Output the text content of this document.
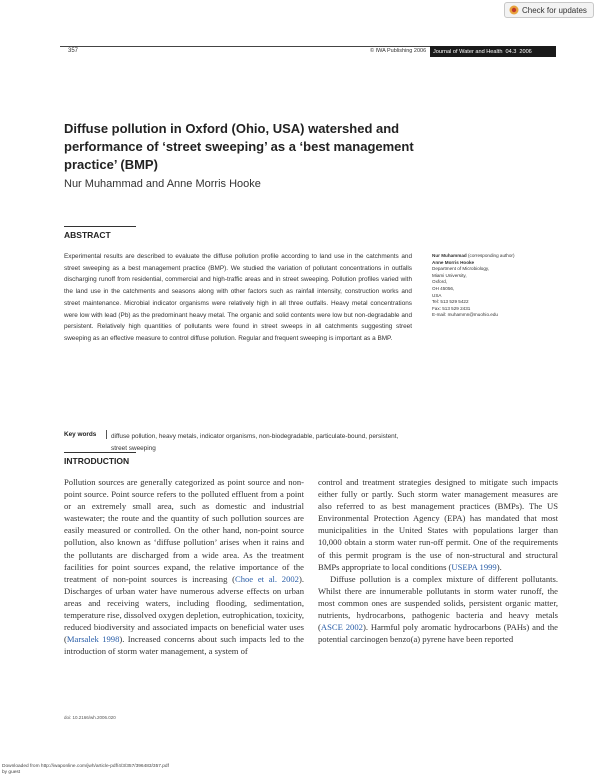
Check for updates
357	© IWA Publishing 2006 Journal of Water and Health 04.3 2006
Diffuse pollution in Oxford (Ohio, USA) watershed and performance of ‘street sweeping’ as a ‘best management practice’ (BMP)
Nur Muhammad and Anne Morris Hooke
ABSTRACT
Experimental results are described to evaluate the diffuse pollution profile according to land use in the catchments and street sweeping as a best management practice (BMP). We studied the variation of pollutant concentrations in outfalls discharging runoff from residential, commercial and high-traffic areas and in street sweeping. Pollution profiles varied with the land use in the catchments and seasons along with other factors such as rainfall intensity, construction works and street maintenance. Microbial indicator organisms were relatively high in all three outfalls. Heavy metal concentrations were low with lead (Pb) as the predominant heavy metal. The organic and solid contents were low but non-degradable and persistent. Relatively high quantities of pollutants were found in street sweeps in all catchments suggesting street sweeping as an effective measure to control diffuse pollution. Regular and frequent sweeping is important as a BMP.
Key words diffuse pollution, heavy metals, indicator organisms, non-biodegradable, particulate-bound, persistent, street sweeping
Nur Muhammad (corresponding author)
Anne Morris Hooke
Department of Microbiology,
Miami University,
Oxford,
OH 45056,
USA
Tel: 513 529 5422
Fax: 513 529 2431
E-mail: muhammn@muohio.edu
INTRODUCTION
Pollution sources are generally categorized as point source and non-point source. Point source refers to the polluted effluent from a point or an extremely small area, such as domestic and industrial wastewater; the route and the quantity of such pollution sources are easily measured or controlled. On the other hand, non-point source pollution, also known as ‘diffuse pollution’ arises when it rains and the pollutants are discharged from a wide area. As the treatment facilities for point sources expand, the relative importance of the treatment of non-point sources is increasing (Choe et al. 2002). Discharges of urban water have numerous adverse effects on urban areas and receiving waters, including flooding, sedimentation, temperature rise, dissolved oxygen depletion, eutrophication, toxicity, reduced biodiversity and associated impacts on beneficial water uses (Marsalek 1998). Increased concerns about such impacts led to the introduction of storm water management, a system of
control and treatment strategies designed to mitigate such impacts either fully or partly. Such storm water management measures are also referred to as best management practices (BMPs). The US Environmental Protection Agency (EPA) has mandated that most municipalities in the United States with populations larger than 10,000 obtain a storm water run-off permit. One of the requirements of this permit program is the use of non-structural and structural BMPs appropriate to local conditions (USEPA 1999).
Diffuse pollution is a complex mixture of different pollutants. Whilst there are innumerable pollutants in storm water runoff, the most common ones are suspended solids, persistent organic matter, nutrients, hydrocarbons, pathogenic bacteria and heavy metals (ASCE 2002). Harmful poly aromatic hydrocarbons (PAHs) and the potential carcinogen benzo(a) pyrene have been reported
doi: 10.2166/wh.2006.020
Downloaded from http://iwaponline.com/jwh/article-pdf/4/3/357/396483/357.pdf
by guest
